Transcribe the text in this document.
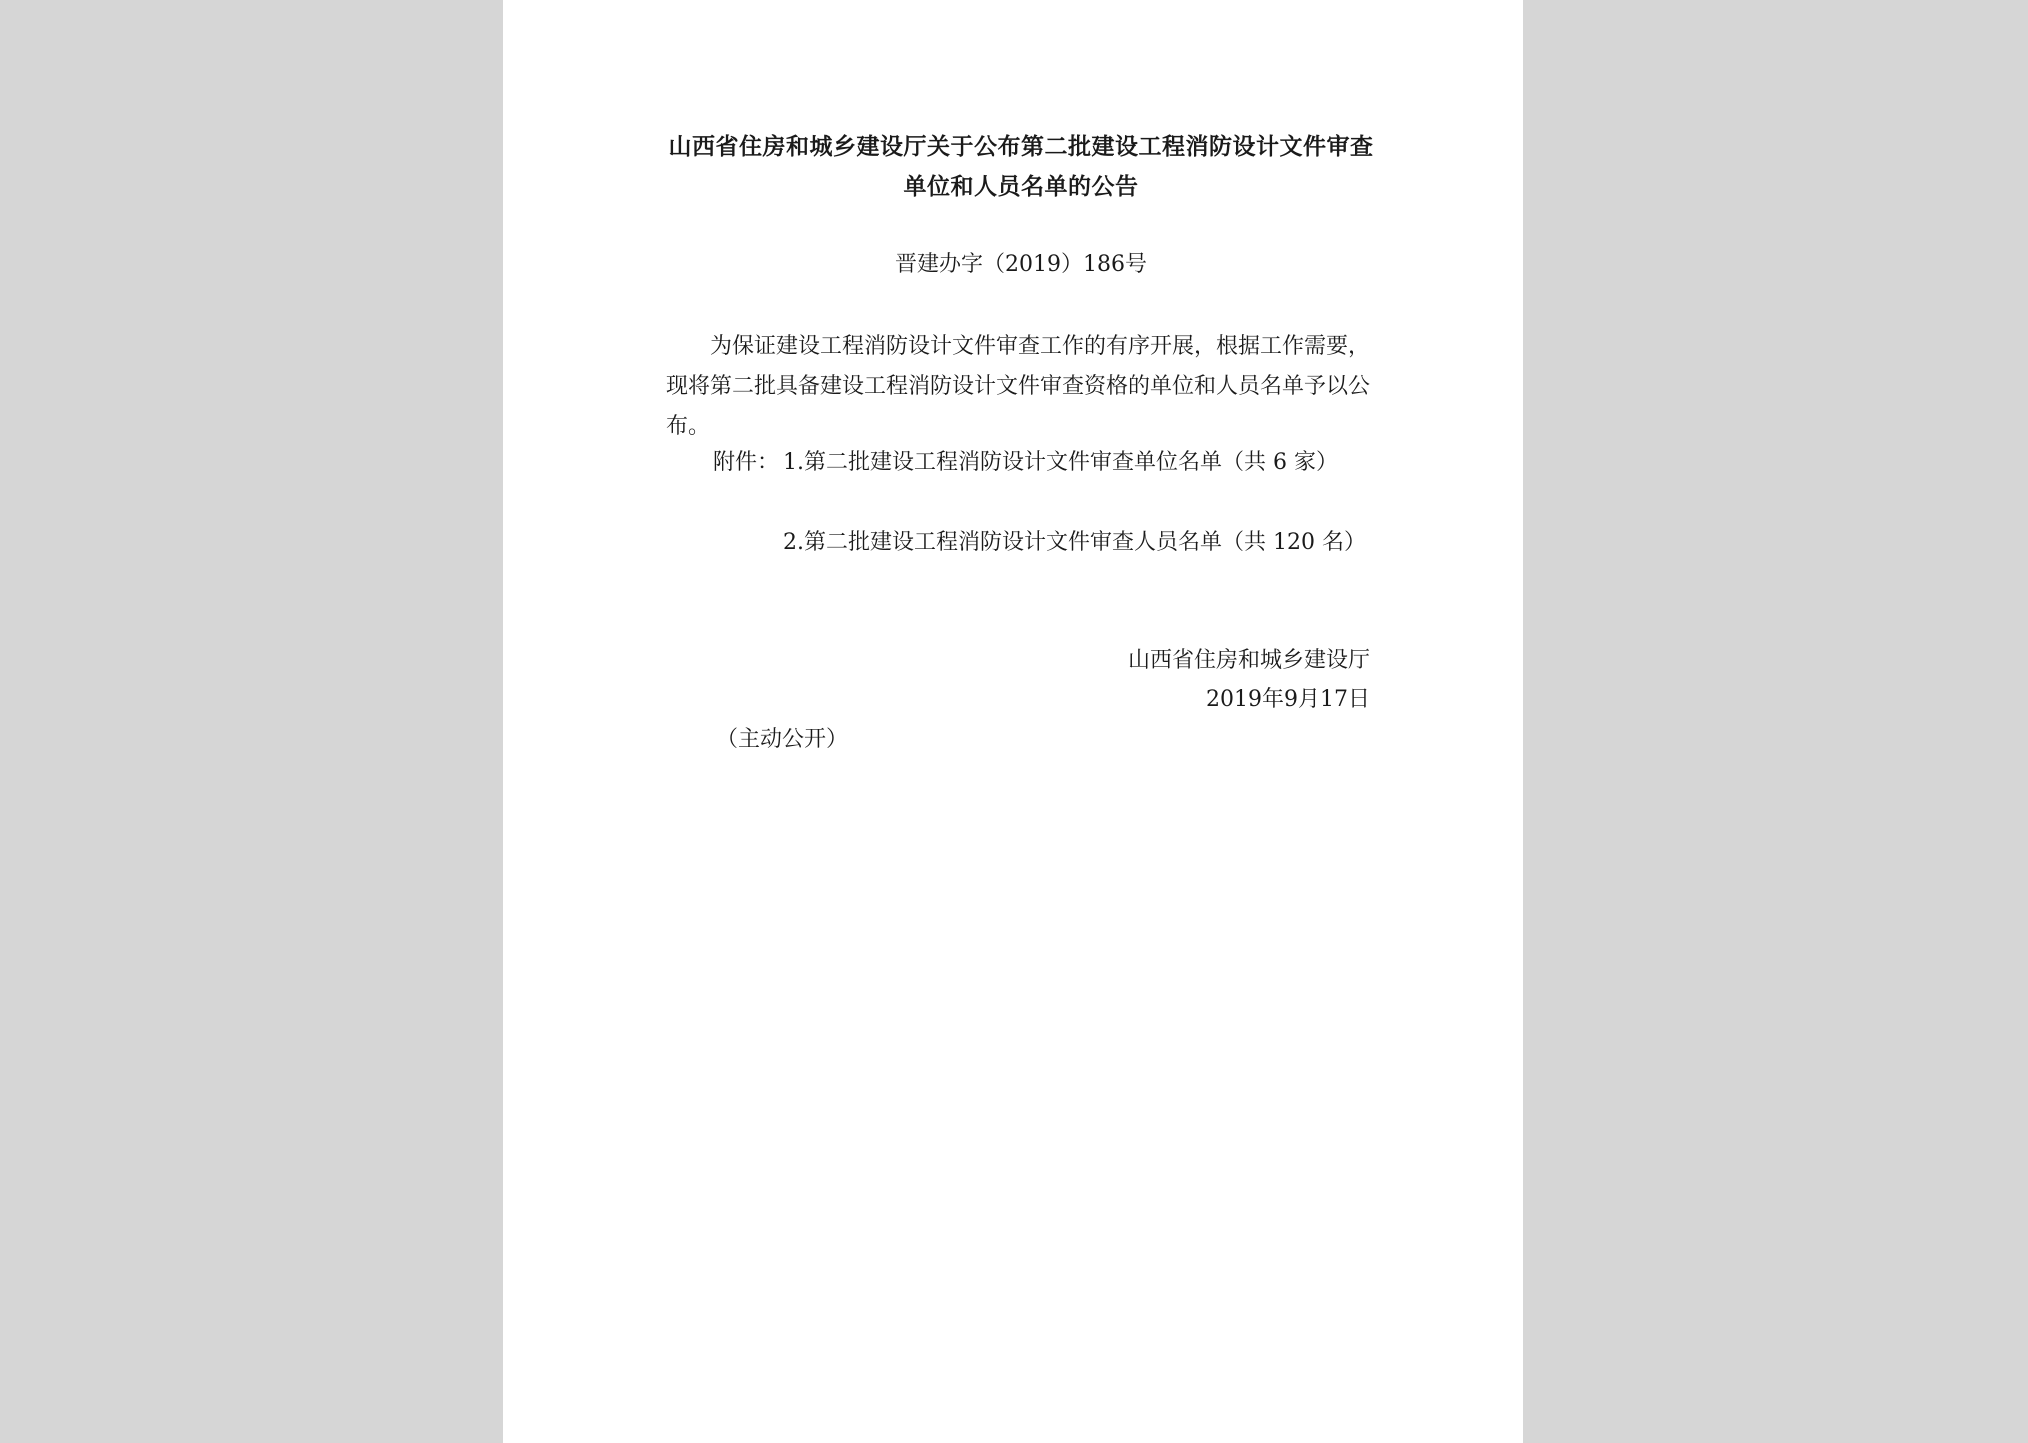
山西省住房和城乡建设厅关于公布第二批建设工程消防设计文件审查单位和人员名单的公告
晋建办字（2019）186号
为保证建设工程消防设计文件审查工作的有序开展，根据工作需要，现将第二批具备建设工程消防设计文件审查资格的单位和人员名单予以公布。
附件： 1.第二批建设工程消防设计文件审查单位名单（共 6 家）
2.第二批建设工程消防设计文件审查人员名单（共 120 名）
山西省住房和城乡建设厅
2019年9月17日
（主动公开）
